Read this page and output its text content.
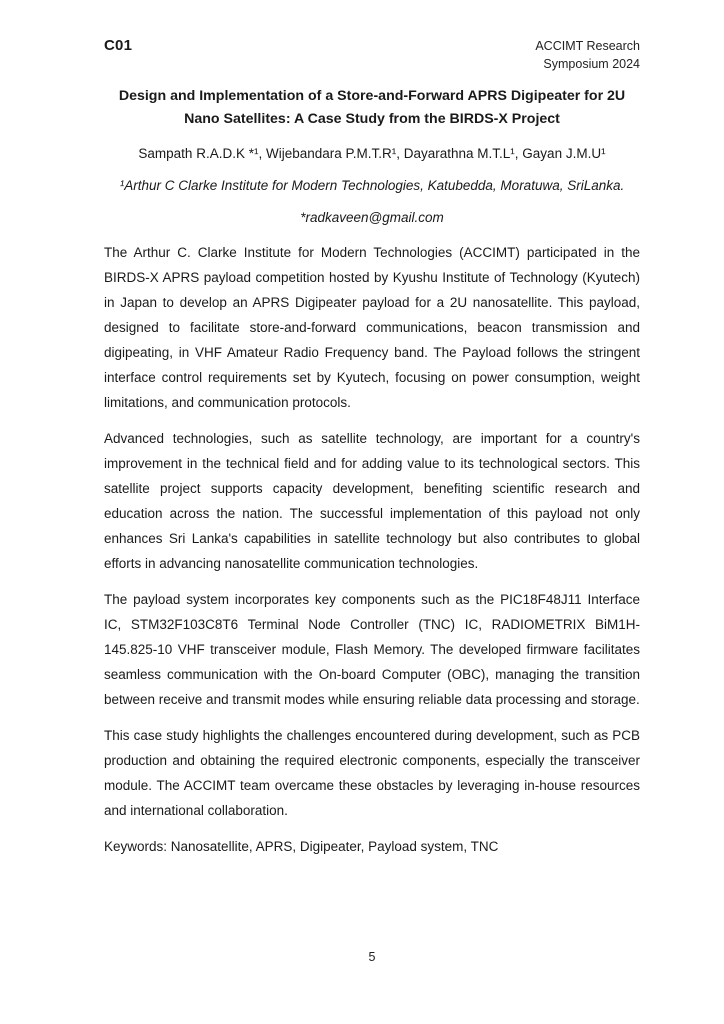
C01	ACCIMT Research
Symposium 2024
Design and Implementation of a Store-and-Forward APRS Digipeater for 2U
Nano Satellites: A Case Study from the BIRDS-X Project
Sampath R.A.D.K *¹, Wijebandara P.M.T.R¹, Dayarathna M.T.L¹, Gayan J.M.U¹
¹Arthur C Clarke Institute for Modern Technologies, Katubedda, Moratuwa, SriLanka.
*radkaveen@gmail.com

The Arthur C. Clarke Institute for Modern Technologies (ACCIMT) participated in the BIRDS-X APRS payload competition hosted by Kyushu Institute of Technology (Kyutech) in Japan to develop an APRS Digipeater payload for a 2U nanosatellite. This payload, designed to facilitate store-and-forward communications, beacon transmission and digipeating, in VHF Amateur Radio Frequency band. The Payload follows the stringent interface control requirements set by Kyutech, focusing on power consumption, weight limitations, and communication protocols.

Advanced technologies, such as satellite technology, are important for a country's improvement in the technical field and for adding value to its technological sectors. This satellite project supports capacity development, benefiting scientific research and education across the nation. The successful implementation of this payload not only enhances Sri Lanka's capabilities in satellite technology but also contributes to global efforts in advancing nanosatellite communication technologies.

The payload system incorporates key components such as the PIC18F48J11 Interface IC, STM32F103C8T6 Terminal Node Controller (TNC) IC, RADIOMETRIX BiM1H-145.825-10 VHF transceiver module, Flash Memory. The developed firmware facilitates seamless communication with the On-board Computer (OBC), managing the transition between receive and transmit modes while ensuring reliable data processing and storage.

This case study highlights the challenges encountered during development, such as PCB production and obtaining the required electronic components, especially the transceiver module. The ACCIMT team overcame these obstacles by leveraging in-house resources and international collaboration.

Keywords: Nanosatellite, APRS, Digipeater, Payload system, TNC
5
